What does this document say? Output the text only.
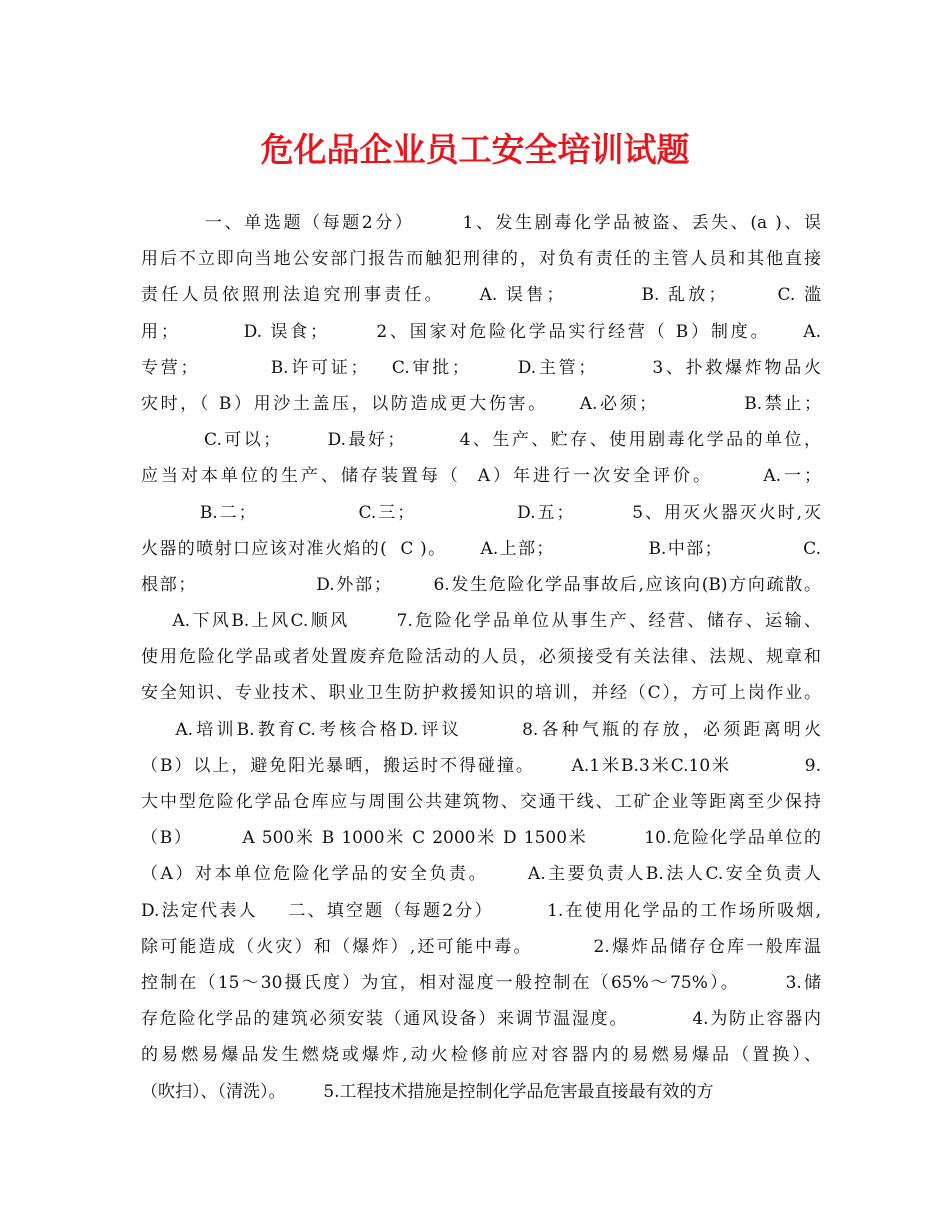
危化品企业员工安全培训试题
一、单选题（每题2分）      1、发生剧毒化学品被盗、丢失、(a )、误
用后不立即向当地公安部门报告而触犯刑律的，对负有责任的主管人员和其他直接
责任人员依照刑法追究刑事责任。    A. 误售；         B. 乱放；      C. 滥
用；        D. 误食；      2、国家对危险化学品实行经营（ B）制度。    A.
专营；         B.许可证；   C.审批；      D.主管；       3、扑救爆炸物品火
灾时，（ B）用沙土盖压，以防造成更大伤害。    A.必须；           B.禁止；
C.可以；      D.最好；       4、生产、贮存、使用剧毒化学品的单位，
应当对本单位的生产、储存装置每（  A）年进行一次安全评价。      A.一；
B.二；              C.三；              D.五；        5、用灭火器灭火时,灭
火器的喷射口应该对准火焰的(  C )。     A.上部；              B.中部；            C.
根部；                 D.外部；      6.发生危险化学品事故后,应该向(B)方向疏散。
A.下风B.上风C.顺风      7.危险化学品单位从事生产、经营、储存、运输、
使用危险化学品或者处置废弃危险活动的人员，必须接受有关法律、法规、规章和
安全知识、专业技术、职业卫生防护救援知识的培训，并经（C），方可上岗作业。
A.培训B.教育C.考核合格D.评议       8.各种气瓶的存放，必须距离明火
（B）以上，避免阳光暴晒，搬运时不得碰撞。     A.1米B.3米C.10米          9.
大中型危险化学品仓库应与周围公共建筑物、交通干线、工矿企业等距离至少保持
（B）       A 500米 B 1000米 C 2000米 D 1500米        10.危险化学品单位的
（A）对本单位危险化学品的安全负责。     A.主要负责人B.法人C.安全负责人
D.法定代表人    二、填空题（每题2分）       1.在使用化学品的工作场所吸烟,
除可能造成（火灾）和（爆炸）,还可能中毒。        2.爆炸品储存仓库一般库温
控制在（15～30摄氏度）为宜，相对湿度一般控制在（65%～75%）。      3.储
存危险化学品的建筑必须安装（通风设备）来调节温湿度。         4.为防止容器内
的易燃易爆品发生燃烧或爆炸,动火检修前应对容器内的易燃易爆品（置换）、
（吹扫）、（清洗）。       5.工程技术措施是控制化学品危害最直接最有效的方
